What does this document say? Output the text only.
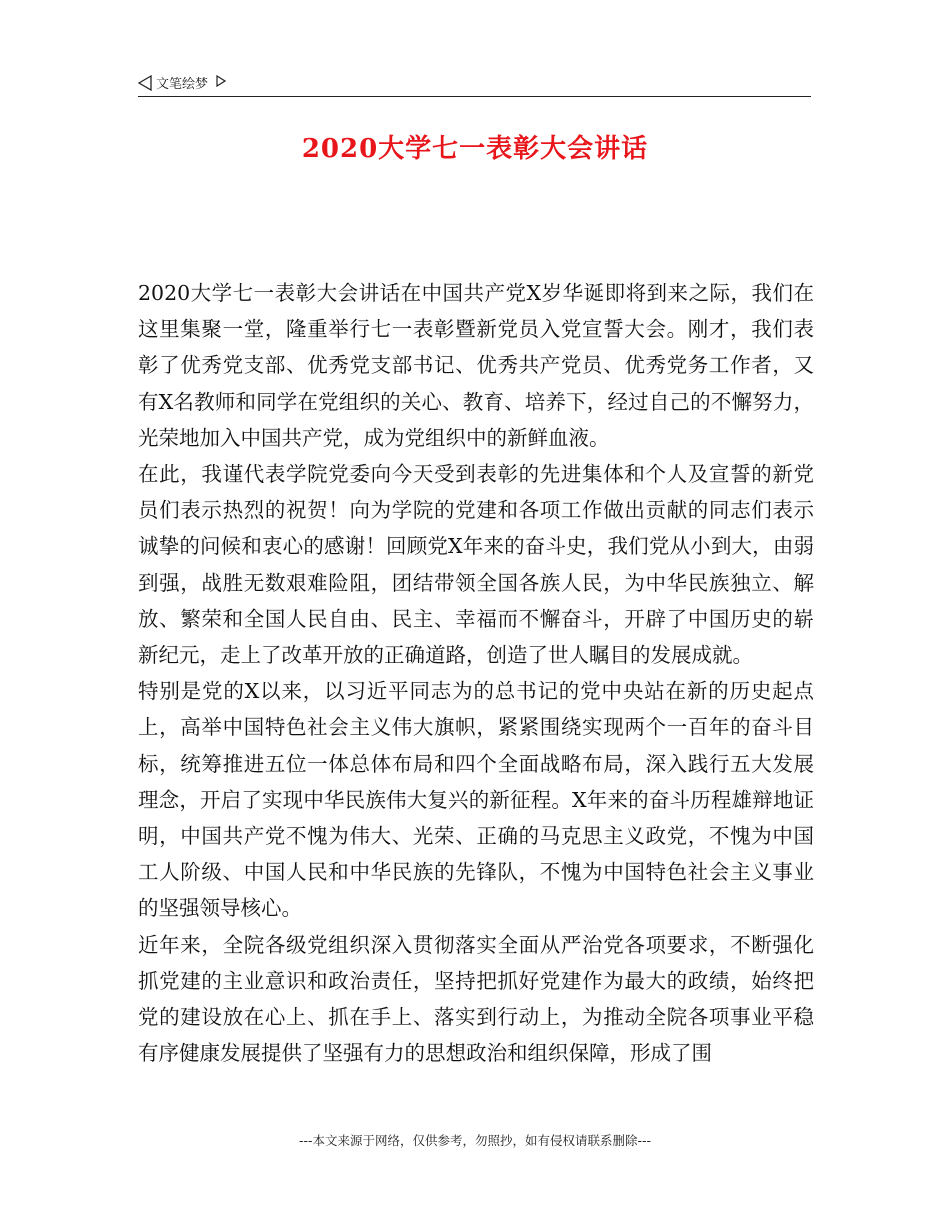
文笔绘梦
2020大学七一表彰大会讲话

2020大学七一表彰大会讲话在中国共产党X岁华诞即将到来之际，我们在这里集聚一堂，隆重举行七一表彰暨新党员入党宣誓大会。刚才，我们表彰了优秀党支部、优秀党支部书记、优秀共产党员、优秀党务工作者，又有X名教师和同学在党组织的关心、教育、培养下，经过自己的不懈努力，光荣地加入中国共产党，成为党组织中的新鲜血液。

在此，我谨代表学院党委向今天受到表彰的先进集体和个人及宣誓的新党员们表示热烈的祝贺！向为学院的党建和各项工作做出贡献的同志们表示诚挚的问候和衷心的感谢！回顾党X年来的奋斗史，我们党从小到大，由弱到强，战胜无数艰难险阻，团结带领全国各族人民，为中华民族独立、解放、繁荣和全国人民自由、民主、幸福而不懈奋斗，开辟了中国历史的崭新纪元，走上了改革开放的正确道路，创造了世人瞩目的发展成就。

特别是党的X以来，以习近平同志为的总书记的党中央站在新的历史起点上，高举中国特色社会主义伟大旗帜，紧紧围绕实现两个一百年的奋斗目标，统筹推进五位一体总体布局和四个全面战略布局，深入践行五大发展理念，开启了实现中华民族伟大复兴的新征程。X年来的奋斗历程雄辩地证明，中国共产党不愧为伟大、光荣、正确的马克思主义政党，不愧为中国工人阶级、中国人民和中华民族的先锋队，不愧为中国特色社会主义事业的坚强领导核心。

近年来，全院各级党组织深入贯彻落实全面从严治党各项要求，不断强化抓党建的主业意识和政治责任，坚持把抓好党建作为最大的政绩，始终把党的建设放在心上、抓在手上、落实到行动上，为推动全院各项事业平稳有序健康发展提供了坚强有力的思想政治和组织保障，形成了围

---本文来源于网络，仅供参考，勿照抄，如有侵权请联系删除---
